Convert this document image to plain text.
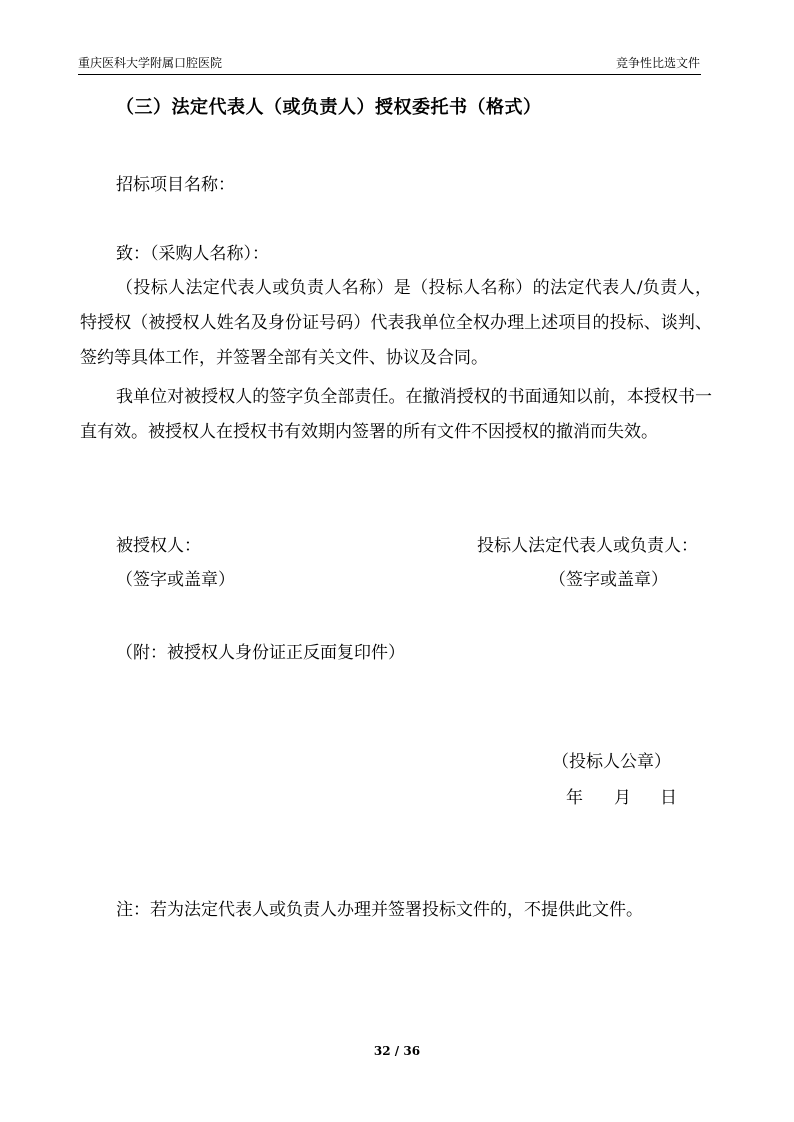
重庆医科大学附属口腔医院	竞争性比选文件
（三）法定代表人（或负责人）授权委托书（格式）
招标项目名称：
致：（采购人名称）：

（投标人法定代表人或负责人名称）是（投标人名称）的法定代表人/负责人，特授权（被授权人姓名及身份证号码）代表我单位全权办理上述项目的投标、谈判、签约等具体工作，并签署全部有关文件、协议及合同。

我单位对被授权人的签字负全部责任。在撤消授权的书面通知以前，本授权书一直有效。被授权人在授权书有效期内签署的所有文件不因授权的撤消而失效。

被授权人：
（签字或盖章）
投标人法定代表人或负责人：
（签字或盖章）
（附：被授权人身份证正反面复印件）
（投标人公章）
年 月 日
注：若为法定代表人或负责人办理并签署投标文件的，不提供此文件。
32 / 36
